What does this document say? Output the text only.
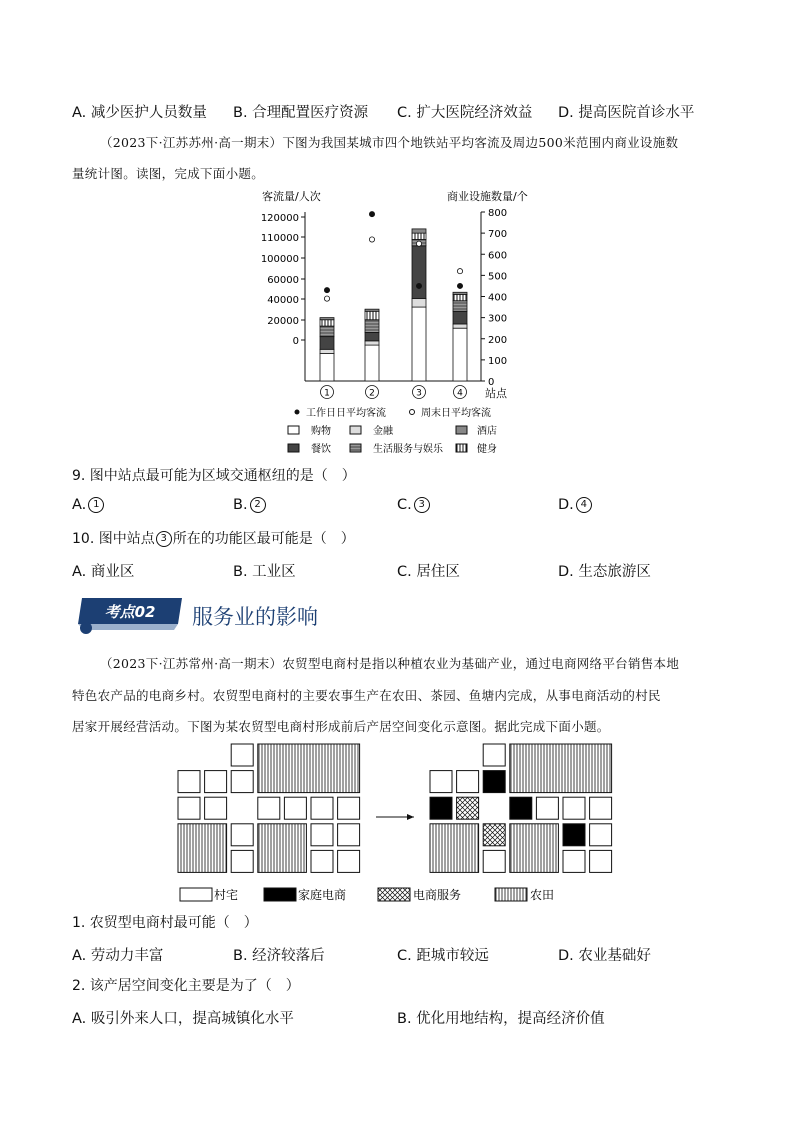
A. 减少医护人员数量 B. 合理配置医疗资源 C. 扩大医院经济效益 D. 提高医院首诊水平
（2023下·江苏苏州·高一期末）下图为我国某城市四个地铁站平均客流及周边500米范围内商业设施数
量统计图。读图，完成下面小题。
客流量/人次	商业设施数量/个
120000
110000
100000
60000
40000
20000
0
800
700
600
500
400
300
200
100
0
1	2	3	4 站点
工作日日平均客流	周末日平均客流
购物	金融	酒店
餐饮	生活服务与娱乐	健身
9. 图中站点最可能为区域交通枢纽的是（　）
A. 1	B. 2	C. 3	D. 4
10. 图中站点 3 所在的功能区最可能是（　）
A. 商业区	B. 工业区	C. 居住区	D. 生态旅游区
考点02 服务业的影响
（2023下·江苏常州·高一期末）农贸型电商村是指以种植农业为基础产业，通过电商网络平台销售本地
特色农产品的电商乡村。农贸型电商村的主要农事生产在农田、茶园、鱼塘内完成，从事电商活动的村民
居家开展经营活动。下图为某农贸型电商村形成前后产居空间变化示意图。据此完成下面小题。
村宅	家庭电商	电商服务	农田
1. 农贸型电商村最可能（　）
A. 劳动力丰富	B. 经济较落后	C. 距城市较远	D. 农业基础好
2. 该产居空间变化主要是为了（　）
A. 吸引外来人口，提高城镇化水平	B. 优化用地结构，提高经济价值
